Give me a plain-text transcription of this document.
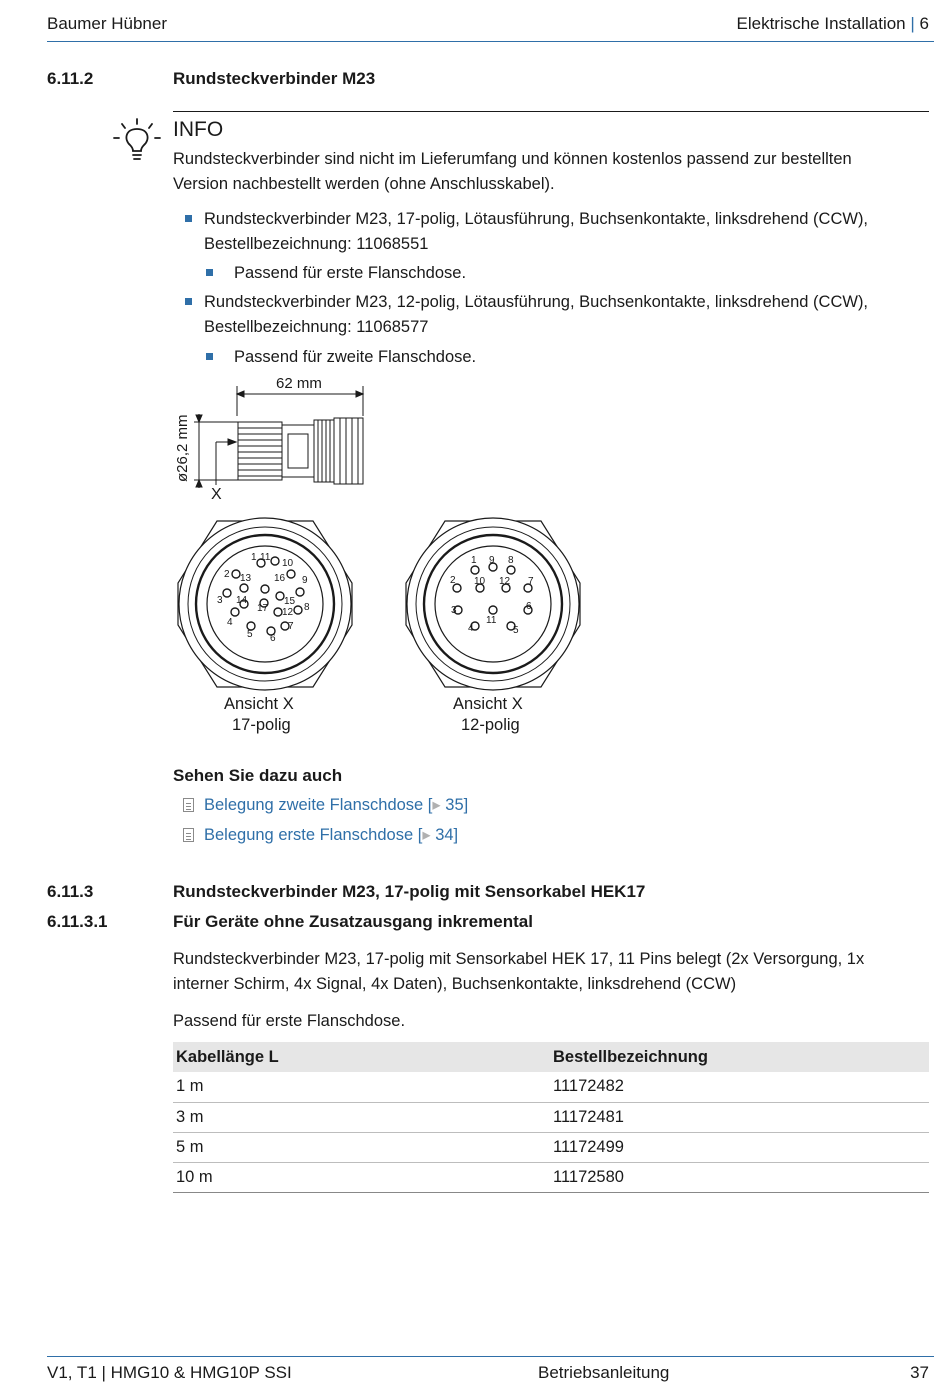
Baumer Hübner	Elektrische Installation | 6
6.11.2	Rundsteckverbinder M23
INFO
Rundsteckverbinder sind nicht im Lieferumfang und können kostenlos passend zur bestellten
Version nachbestellt werden (ohne Anschlusskabel).
Rundsteckverbinder M23, 17-polig, Lötausführung, Buchsenkontakte, linksdrehend (CCW),
Bestellbezeichnung: 11068551
Passend für erste Flanschdose.
Rundsteckverbinder M23, 12-polig, Lötausführung, Buchsenkontakte, linksdrehend (CCW),
Bestellbezeichnung: 11068577
Passend für zweite Flanschdose.
62 mm
ø26,2 mm
X
1
2
3
4
5 6
7
8
9
10
11
12
13
14	15
16
17
Ansicht X
17-polig
1
2
3
4	5
6
7
8
9
10
11
12
Ansicht X
12-polig
Sehen Sie dazu auch
Belegung zweite Flanschdose [▸ 35]
Belegung erste Flanschdose [▸ 34]
6.11.3	Rundsteckverbinder M23, 17-polig mit Sensorkabel HEK17
6.11.3.1	Für Geräte ohne Zusatzausgang inkremental
Rundsteckverbinder M23, 17-polig mit Sensorkabel HEK 17, 11 Pins belegt (2x Versorgung, 1x
interner Schirm, 4x Signal, 4x Daten), Buchsenkontakte, linksdrehend (CCW)
Passend für erste Flanschdose.
Kabellänge L	Bestellbezeichnung
1 m	11172482
3 m	11172481
5 m	11172499
10 m	11172580
V1, T1 | HMG10 & HMG10P SSI	Betriebsanleitung	37
